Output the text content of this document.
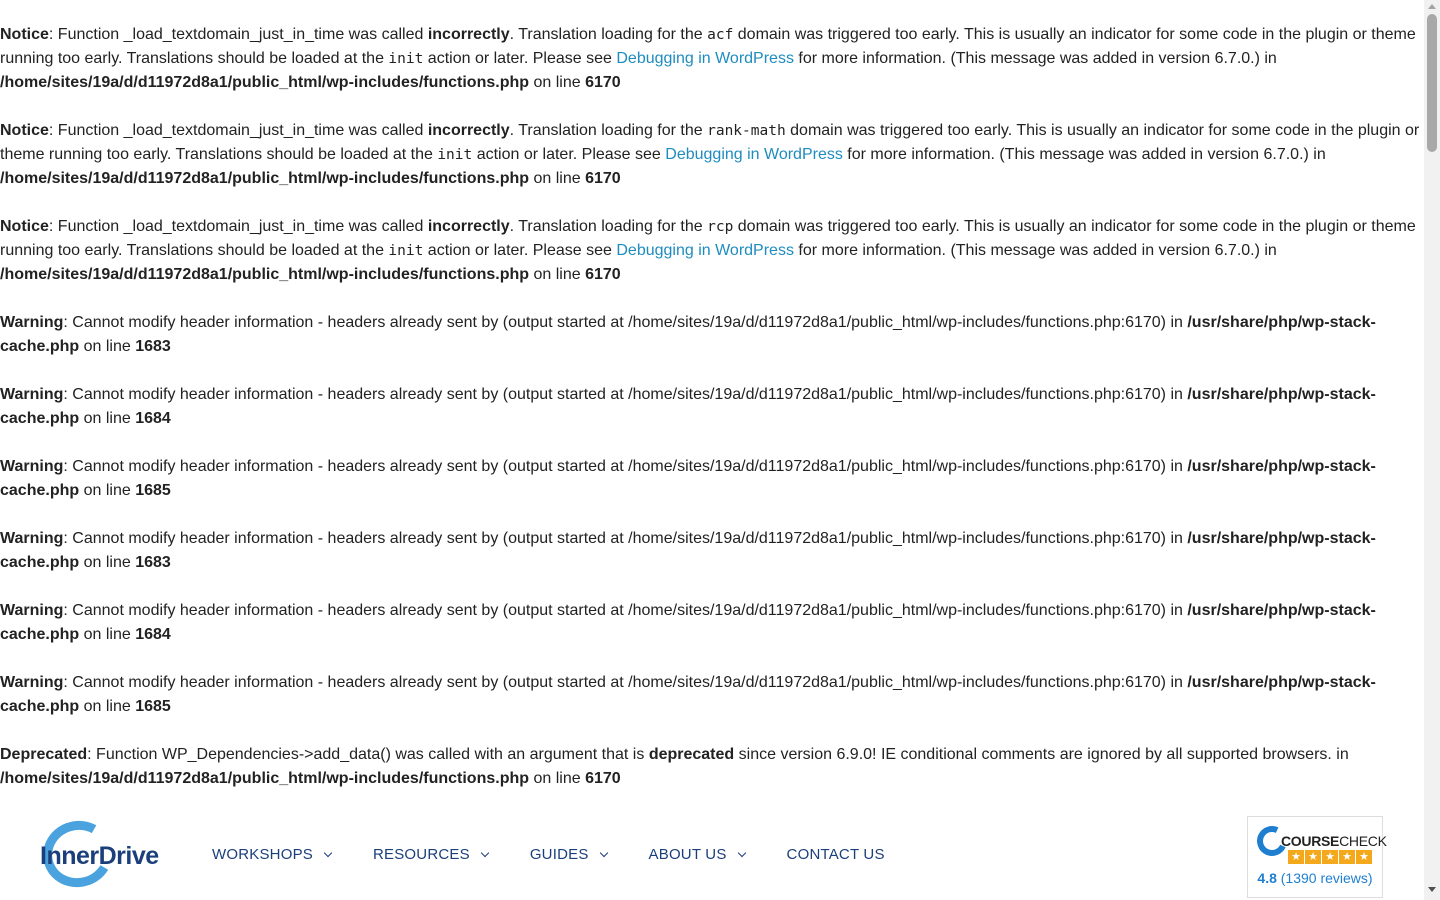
Notice: Function _load_textdomain_just_in_time was called incorrectly. Translation loading for the acf domain was triggered too early. This is usually an indicator for some code in the plugin or theme running too early. Translations should be loaded at the init action or later. Please see Debugging in WordPress for more information. (This message was added in version 6.7.0.) in /home/sites/19a/d/d11972d8a1/public_html/wp-includes/functions.php on line 6170

Notice: Function _load_textdomain_just_in_time was called incorrectly. Translation loading for the rank-math domain was triggered too early. This is usually an indicator for some code in the plugin or theme running too early. Translations should be loaded at the init action or later. Please see Debugging in WordPress for more information. (This message was added in version 6.7.0.) in /home/sites/19a/d/d11972d8a1/public_html/wp-includes/functions.php on line 6170

Notice: Function _load_textdomain_just_in_time was called incorrectly. Translation loading for the rcp domain was triggered too early. This is usually an indicator for some code in the plugin or theme running too early. Translations should be loaded at the init action or later. Please see Debugging in WordPress for more information. (This message was added in version 6.7.0.) in /home/sites/19a/d/d11972d8a1/public_html/wp-includes/functions.php on line 6170

Warning: Cannot modify header information - headers already sent by (output started at /home/sites/19a/d/d11972d8a1/public_html/wp-includes/functions.php:6170) in /usr/share/php/wp-stack-cache.php on line 1683

Warning: Cannot modify header information - headers already sent by (output started at /home/sites/19a/d/d11972d8a1/public_html/wp-includes/functions.php:6170) in /usr/share/php/wp-stack-cache.php on line 1684

Warning: Cannot modify header information - headers already sent by (output started at /home/sites/19a/d/d11972d8a1/public_html/wp-includes/functions.php:6170) in /usr/share/php/wp-stack-cache.php on line 1685

Warning: Cannot modify header information - headers already sent by (output started at /home/sites/19a/d/d11972d8a1/public_html/wp-includes/functions.php:6170) in /usr/share/php/wp-stack-cache.php on line 1683

Warning: Cannot modify header information - headers already sent by (output started at /home/sites/19a/d/d11972d8a1/public_html/wp-includes/functions.php:6170) in /usr/share/php/wp-stack-cache.php on line 1684

Warning: Cannot modify header information - headers already sent by (output started at /home/sites/19a/d/d11972d8a1/public_html/wp-includes/functions.php:6170) in /usr/share/php/wp-stack-cache.php on line 1685

Deprecated: Function WP_Dependencies->add_data() was called with an argument that is deprecated since version 6.9.0! IE conditional comments are ignored by all supported browsers. in /home/sites/19a/d/d11972d8a1/public_html/wp-includes/functions.php on line 6170

InnerDrive	WORKSHOPS	RESOURCES	GUIDES	ABOUT US	CONTACT US
COURSECHECK
★ ★ ★ ★ ★
4.8 (1390 reviews)
